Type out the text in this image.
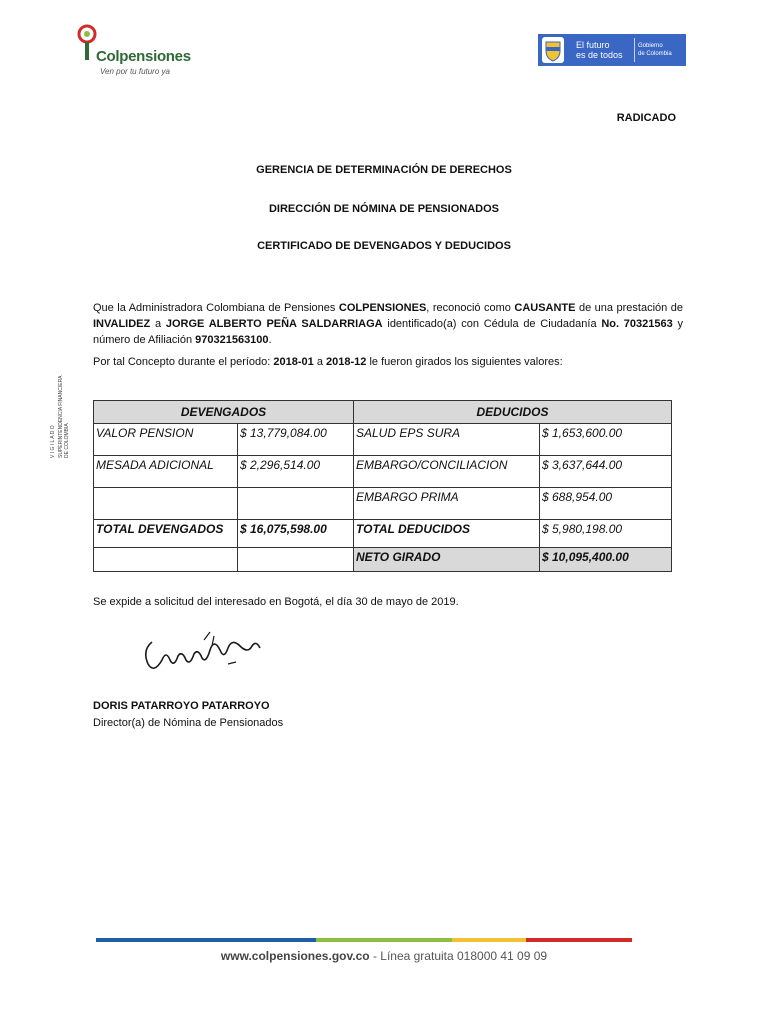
Colpensiones
Ven por tu futuro ya
El futuro
es de todos
Gobierno
de Colombia
RADICADO
GERENCIA DE DETERMINACIÓN DE DERECHOS
DIRECCIÓN DE NÓMINA DE PENSIONADOS
CERTIFICADO DE DEVENGADOS Y DEDUCIDOS
V I G I L A D O SUPERINTENDENCIA FINANCIERA DE COLOMBIA
Que la Administradora Colombiana de Pensiones COLPENSIONES, reconoció como CAUSANTE de una prestación de INVALIDEZ a JORGE ALBERTO PEÑA SALDARRIAGA identificado(a) con Cédula de Ciudadanía No. 70321563 y número de Afiliación 970321563100.
Por tal Concepto durante el período: 2018-01 a 2018-12 le fueron girados los siguientes valores:
DEVENGADOS		DEDUCIDOS	
VALOR PENSION	$ 13,779,084.00	SALUD EPS SURA	$ 1,653,600.00
MESADA ADICIONAL	$ 2,296,514.00	EMBARGO/CONCILIACION	$ 3,637,644.00
		EMBARGO PRIMA	$ 688,954.00
TOTAL DEVENGADOS	$ 16,075,598.00	TOTAL DEDUCIDOS	$ 5,980,198.00
		NETO GIRADO	$ 10,095,400.00
Se expide a solicitud del interesado en Bogotá, el día 30 de mayo de 2019.
DORIS PATARROYO PATARROYO
Director(a) de Nómina de Pensionados
www.colpensiones.gov.co - Línea gratuita 018000 41 09 09
